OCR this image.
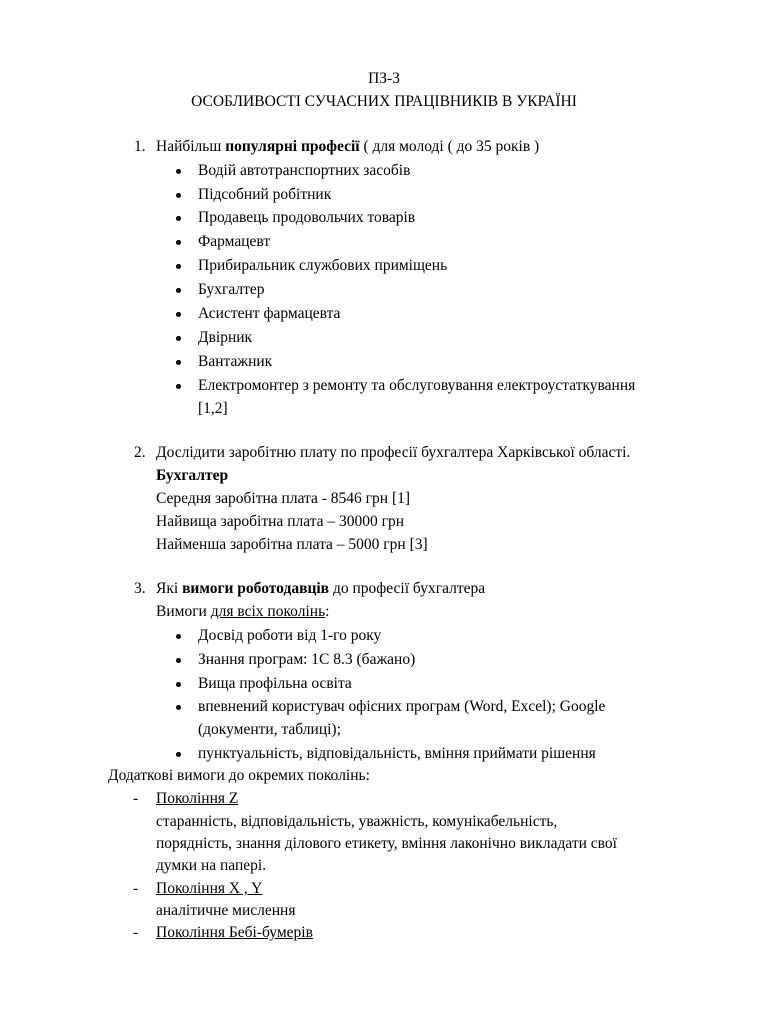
ПЗ-3
ОСОБЛИВОСТІ СУЧАСНИХ ПРАЦІВНИКІВ В УКРАЇНІ
1. Найбільш популярні професії ( для молоді ( до 35 років )
Водій автотранспортних засобів
Підсобний робітник
Продавець продовольчих товарів
Фармацевт
Прибиральник службових приміщень
Бухгалтер
Асистент фармацевта
Двірник
Вантажник
Електромонтер з ремонту та обслуговування електроустаткування
[1,2]
2. Дослідити заробітню плату по професії бухгалтера Харківської області.
Бухгалтер
Середня заробітна плата - 8546 грн [1]
Найвища заробітна плата – 30000 грн
Найменша заробітна плата – 5000 грн [3]
3. Які вимоги роботодавців до професії бухгалтера
Вимоги для всіх поколінь:
Досвід роботи від 1-го року
Знання програм: 1С 8.3 (бажано)
Вища профільна освіта
впевнений користувач офісних програм (Word, Excel); Google
(документи, таблиці);
пунктуальність, відповідальність, вміння приймати рішення
Додаткові вимоги до окремих поколінь:
- Покоління Z
старанність, відповідальність, уважність, комунікабельність,
порядність, знання ділового етикету, вміння лаконічно викладати свої
думки на папері.
- Покоління X , Y
аналітичне мислення
- Покоління Бебі-бумерів
